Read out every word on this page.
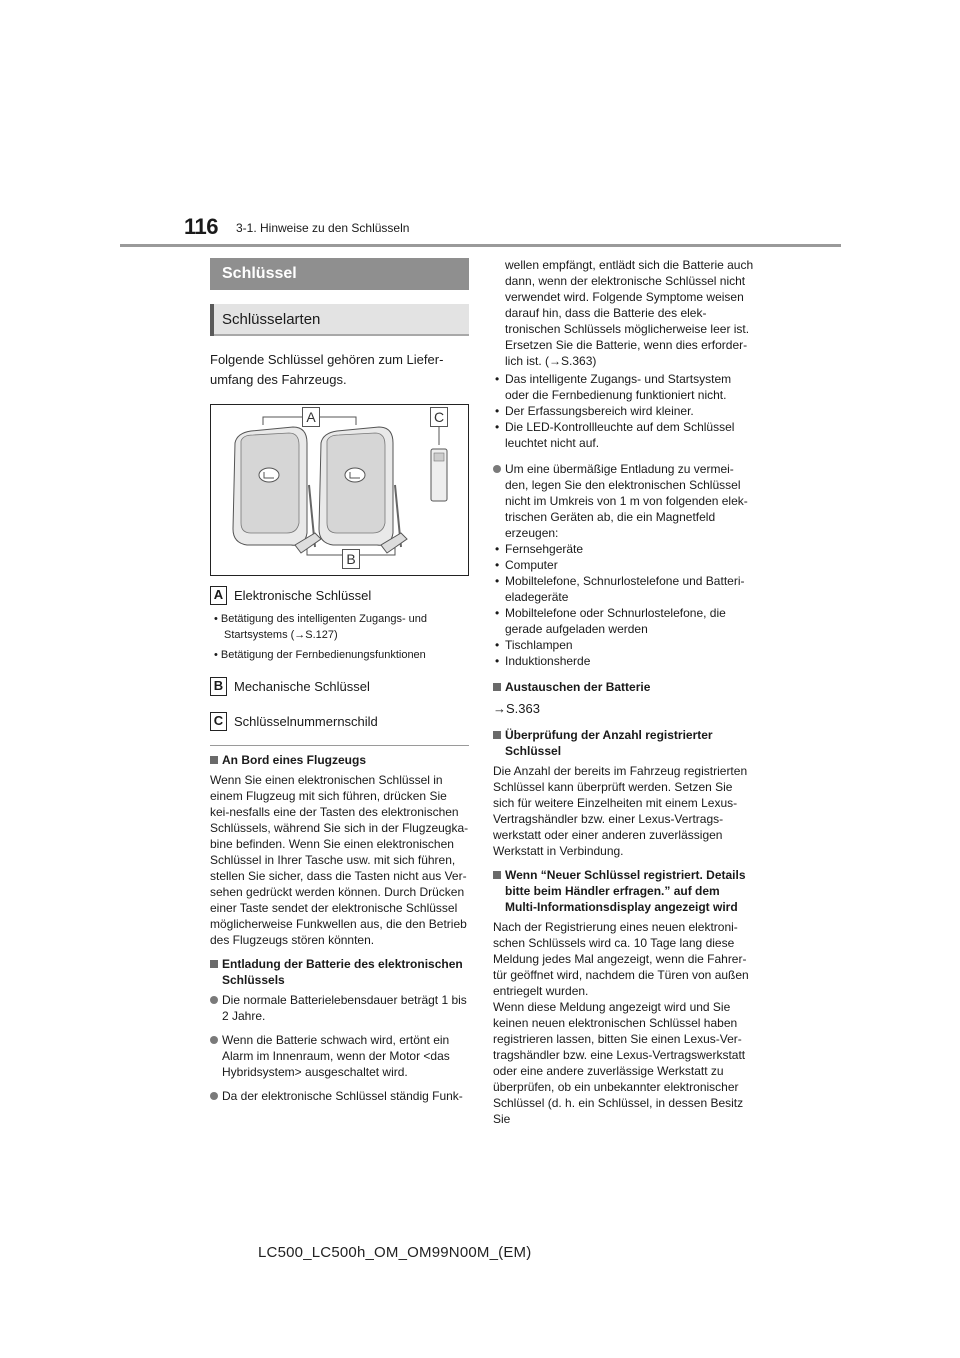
116 3-1. Hinweise zu den Schlüsseln
Schlüssel
Schlüsselarten
Folgende Schlüssel gehören zum Liefer-umfang des Fahrzeugs.
A	C
B
A Elektronische Schlüssel
• Betätigung des intelligenten Zugangs- und Startsystems (→S.127)
• Betätigung der Fernbedienungsfunktionen
B Mechanische Schlüssel
C Schlüsselnummernschild
An Bord eines Flugzeugs
Wenn Sie einen elektronischen Schlüssel in einem Flugzeug mit sich führen, drücken Sie kei-nesfalls eine der Tasten des elektronischen Schlüssels, während Sie sich in der Flugzeugka-bine befinden. Wenn Sie einen elektronischen Schlüssel in Ihrer Tasche usw. mit sich führen, stellen Sie sicher, dass die Tasten nicht aus Ver-sehen gedrückt werden können. Durch Drücken einer Taste sendet der elektronische Schlüssel möglicherweise Funkwellen aus, die den Betrieb des Flugzeugs stören könnten.
Entladung der Batterie des elektronischen Schlüssels
Die normale Batterielebensdauer beträgt 1 bis 2 Jahre.
Wenn die Batterie schwach wird, ertönt ein Alarm im Innenraum, wenn der Motor <das Hybridsystem> ausgeschaltet wird.
Da der elektronische Schlüssel ständig Funk-
wellen empfängt, entlädt sich die Batterie auch dann, wenn der elektronische Schlüssel nicht verwendet wird. Folgende Symptome weisen darauf hin, dass die Batterie des elek-tronischen Schlüssels möglicherweise leer ist. Ersetzen Sie die Batterie, wenn dies erforder-lich ist. (→S.363)
• Das intelligente Zugangs- und Startsystem oder die Fernbedienung funktioniert nicht.
• Der Erfassungsbereich wird kleiner.
• Die LED-Kontrollleuchte auf dem Schlüssel leuchtet nicht auf.
Um eine übermäßige Entladung zu vermei-den, legen Sie den elektronischen Schlüssel nicht im Umkreis von 1 m von folgenden elek-trischen Geräten ab, die ein Magnetfeld erzeugen:
• Fernsehgeräte
• Computer
• Mobiltelefone, Schnurlostelefone und Batteri-eladegeräte
• Mobiltelefone oder Schnurlostelefone, die gerade aufgeladen werden
• Tischlampen
• Induktionsherde
Austauschen der Batterie
→S.363
Überprüfung der Anzahl registrierter Schlüssel
Die Anzahl der bereits im Fahrzeug registrierten Schlüssel kann überprüft werden. Setzen Sie sich für weitere Einzelheiten mit einem Lexus-Vertragshändler bzw. einer Lexus-Vertrags-werkstatt oder einer anderen zuverlässigen Werkstatt in Verbindung.
Wenn “Neuer Schlüssel registriert. Details bitte beim Händler erfragen.” auf dem Multi-Informationsdisplay angezeigt wird
Nach der Registrierung eines neuen elektroni-schen Schlüssels wird ca. 10 Tage lang diese Meldung jedes Mal angezeigt, wenn die Fahrer-tür geöffnet wird, nachdem die Türen von außen entriegelt wurden.
Wenn diese Meldung angezeigt wird und Sie keinen neuen elektronischen Schlüssel haben registrieren lassen, bitten Sie einen Lexus-Ver-tragshändler bzw. eine Lexus-Vertragswerkstatt oder eine andere zuverlässige Werkstatt zu überprüfen, ob ein unbekannter elektronischer Schlüssel (d. h. ein Schlüssel, in dessen Besitz Sie
LC500_LC500h_OM_OM99N00M_(EM)
